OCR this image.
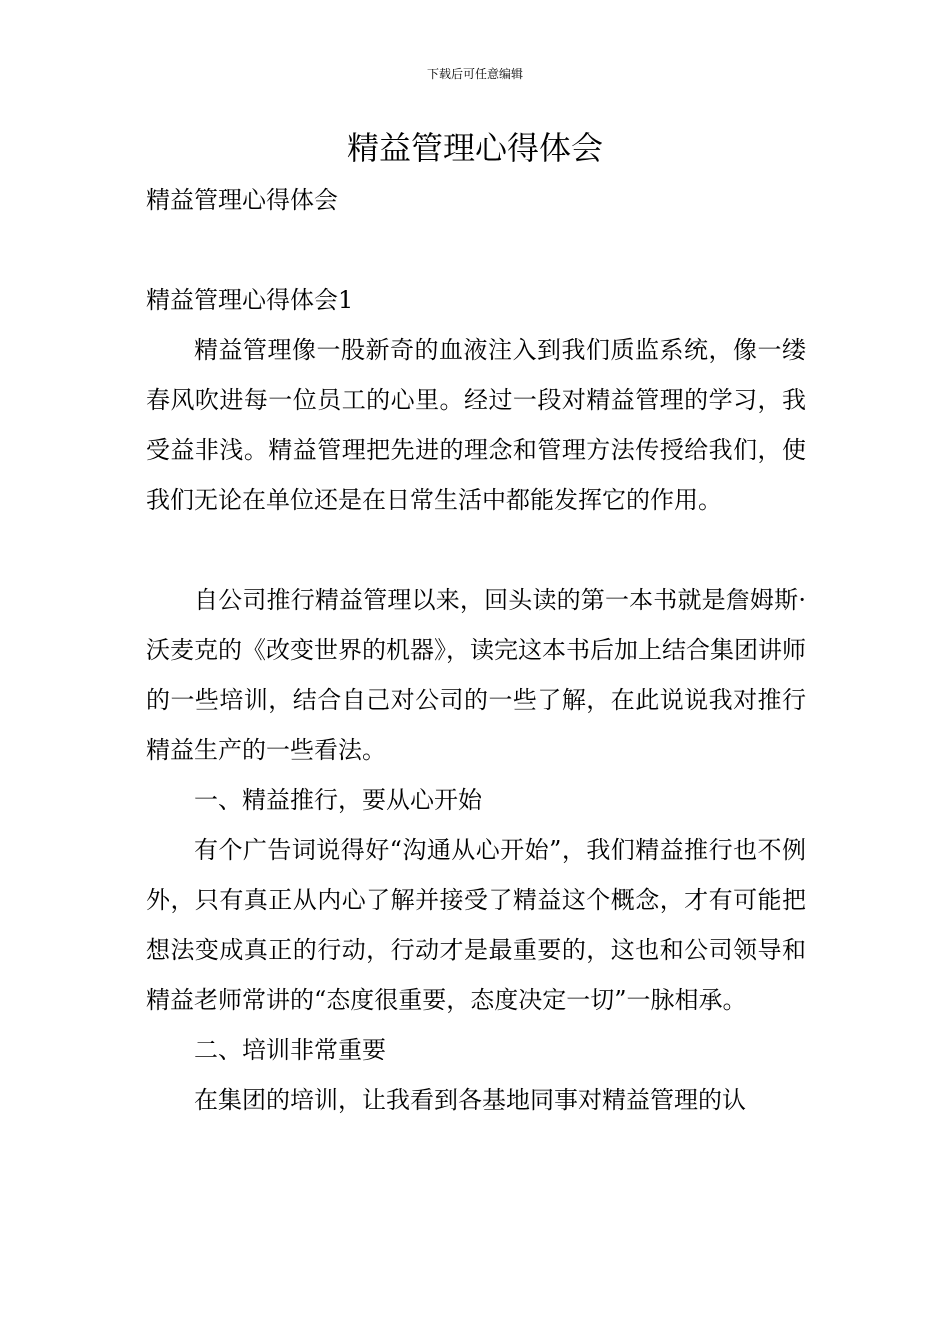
下载后可任意编辑
精益管理心得体会
精益管理心得体会
精益管理心得体会1

精益管理像一股新奇的血液注入到我们质监系统，像一缕春风吹进每一位员工的心里。经过一段对精益管理的学习，我受益非浅。精益管理把先进的理念和管理方法传授给我们，使我们无论在单位还是在日常生活中都能发挥它的作用。

自公司推行精益管理以来，回头读的第一本书就是詹姆斯·沃麦克的《改变世界的机器》，读完这本书后加上结合集团讲师的一些培训，结合自己对公司的一些了解，在此说说我对推行精益生产的一些看法。

一、精益推行，要从心开始

有个广告词说得好“沟通从心开始”，我们精益推行也不例外，只有真正从内心了解并接受了精益这个概念，才有可能把想法变成真正的行动，行动才是最重要的，这也和公司领导和精益老师常讲的“态度很重要，态度决定一切”一脉相承。

二、培训非常重要

在集团的培训，让我看到各基地同事对精益管理的认
